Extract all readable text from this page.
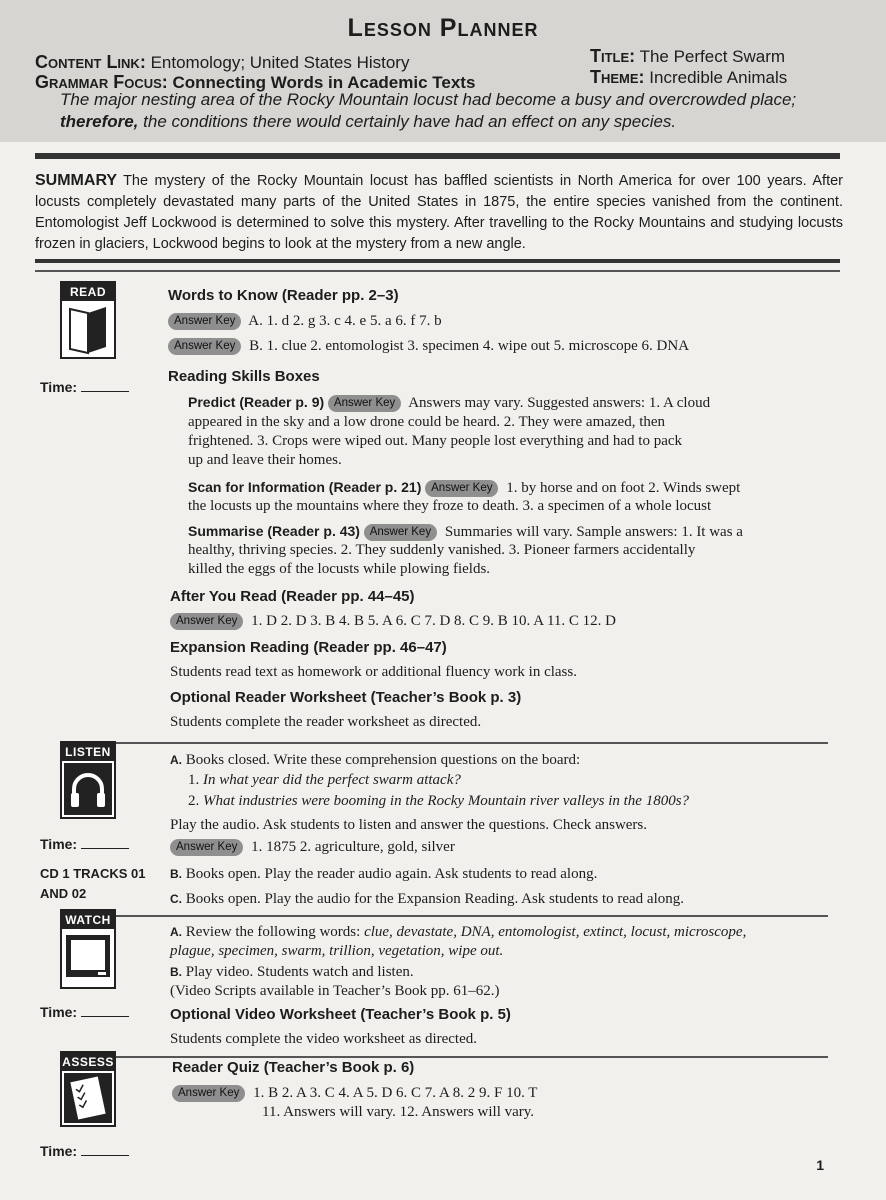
Lesson Planner
Content Link: Entomology; United States History
Grammar Focus: Connecting Words in Academic Texts
Title: The Perfect Swarm
Theme: Incredible Animals
The major nesting area of the Rocky Mountain locust had become a busy and overcrowded place; therefore, the conditions there would certainly have had an effect on any species.
SUMMARY The mystery of the Rocky Mountain locust has baffled scientists in North America for over 100 years. After locusts completely devastated many parts of the United States in 1875, the entire species vanished from the continent. Entomologist Jeff Lockwood is determined to solve this mystery. After travelling to the Rocky Mountains and studying locusts frozen in glaciers, Lockwood begins to look at the mystery from a new angle.
READ
Time:
Words to Know (Reader pp. 2–3)
Answer Key A. 1. d 2. g 3. c 4. e 5. a 6. f 7. b
Answer Key B. 1. clue 2. entomologist 3. specimen 4. wipe out 5. microscope 6. DNA
Reading Skills Boxes
Predict (Reader p. 9) Answer Key Answers may vary. Suggested answers: 1. A cloud
appeared in the sky and a low drone could be heard. 2. They were amazed, then
frightened. 3. Crops were wiped out. Many people lost everything and had to pack
up and leave their homes.
Scan for Information (Reader p. 21) Answer Key 1. by horse and on foot 2. Winds swept
the locusts up the mountains where they froze to death. 3. a specimen of a whole locust
Summarise (Reader p. 43) Answer Key Summaries will vary. Sample answers: 1. It was a
healthy, thriving species. 2. They suddenly vanished. 3. Pioneer farmers accidentally
killed the eggs of the locusts while plowing fields.
After You Read (Reader pp. 44–45)
Answer Key 1. D 2. D 3. B 4. B 5. A 6. C 7. D 8. C 9. B 10. A 11. C 12. D
Expansion Reading (Reader pp. 46–47)
Students read text as homework or additional fluency work in class.
Optional Reader Worksheet (Teacher’s Book p. 3)
Students complete the reader worksheet as directed.
LISTEN
Time:
CD 1 TRACKS 01
AND 02
A. Books closed. Write these comprehension questions on the board:
1. In what year did the perfect swarm attack?
2. What industries were booming in the Rocky Mountain river valleys in the 1800s?
Play the audio. Ask students to listen and answer the questions. Check answers.
Answer Key 1. 1875 2. agriculture, gold, silver
B. Books open. Play the reader audio again. Ask students to read along.
C. Books open. Play the audio for the Expansion Reading. Ask students to read along.
WATCH
Time:
A. Review the following words: clue, devastate, DNA, entomologist, extinct, locust, microscope,
plague, specimen, swarm, trillion, vegetation, wipe out.
B. Play video. Students watch and listen.
(Video Scripts available in Teacher’s Book pp. 61–62.)
Optional Video Worksheet (Teacher’s Book p. 5)
Students complete the video worksheet as directed.
ASSESS
Time:
Reader Quiz (Teacher’s Book p. 6)
Answer Key 1. B 2. A 3. C 4. A 5. D 6. C 7. A 8. 2 9. F 10. T
11. Answers will vary. 12. Answers will vary.
1
